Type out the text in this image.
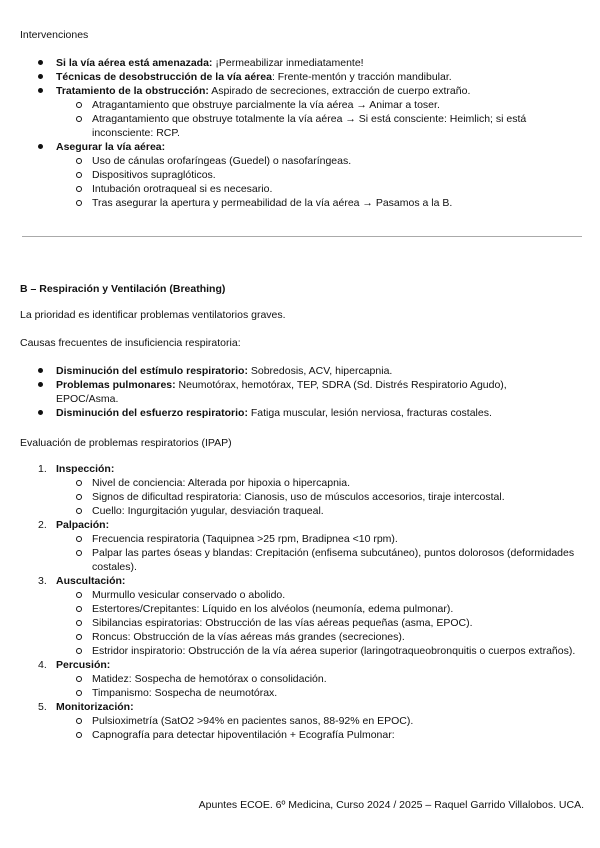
Intervenciones

Si la vía aérea está amenazada: ¡Permeabilizar inmediatamente!
Técnicas de desobstrucción de la vía aérea: Frente-mentón y tracción mandibular.
Tratamiento de la obstrucción: Aspirado de secreciones, extracción de cuerpo extraño.
Atragantamiento que obstruye parcialmente la vía aérea → Animar a toser.
Atragantamiento que obstruye totalmente la vía aérea → Si está consciente: Heimlich; si está inconsciente: RCP.
Asegurar la vía aérea:
Uso de cánulas orofaríngeas (Guedel) o nasofaríngeas.
Dispositivos supraglóticos.
Intubación orotraqueal si es necesario.
Tras asegurar la apertura y permeabilidad de la vía aérea → Pasamos a la B.

B – Respiración y Ventilación (Breathing)

La prioridad es identificar problemas ventilatorios graves.

Causas frecuentes de insuficiencia respiratoria:

Disminución del estímulo respiratorio: Sobredosis, ACV, hipercapnia.
Problemas pulmonares: Neumotórax, hemotórax, TEP, SDRA (Sd. Distrés Respiratorio Agudo), EPOC/Asma.
Disminución del esfuerzo respiratorio: Fatiga muscular, lesión nerviosa, fracturas costales.

Evaluación de problemas respiratorios (IPAP)

1. Inspección:
Nivel de conciencia: Alterada por hipoxia o hipercapnia.
Signos de dificultad respiratoria: Cianosis, uso de músculos accesorios, tiraje intercostal.
Cuello: Ingurgitación yugular, desviación traqueal.
2. Palpación:
Frecuencia respiratoria (Taquipnea >25 rpm, Bradipnea <10 rpm).
Palpar las partes óseas y blandas: Crepitación (enfisema subcutáneo), puntos dolorosos (deformidades costales).
3. Auscultación:
Murmullo vesicular conservado o abolido.
Estertores/Crepitantes: Líquido en los alvéolos (neumonía, edema pulmonar).
Sibilancias espiratorias: Obstrucción de las vías aéreas pequeñas (asma, EPOC).
Roncus: Obstrucción de la vías aéreas más grandes (secreciones).
Estridor inspiratorio: Obstrucción de la vía aérea superior (laringotraqueobronquitis o cuerpos extraños).
4. Percusión:
Matidez: Sospecha de hemotórax o consolidación.
Timpanismo: Sospecha de neumotórax.
5. Monitorización:
Pulsioximetría (SatO2 >94% en pacientes sanos, 88-92% en EPOC).
Capnografía para detectar hipoventilación + Ecografía Pulmonar:
Apuntes ECOE. 6º Medicina, Curso 2024 / 2025 – Raquel Garrido Villalobos. UCA.
